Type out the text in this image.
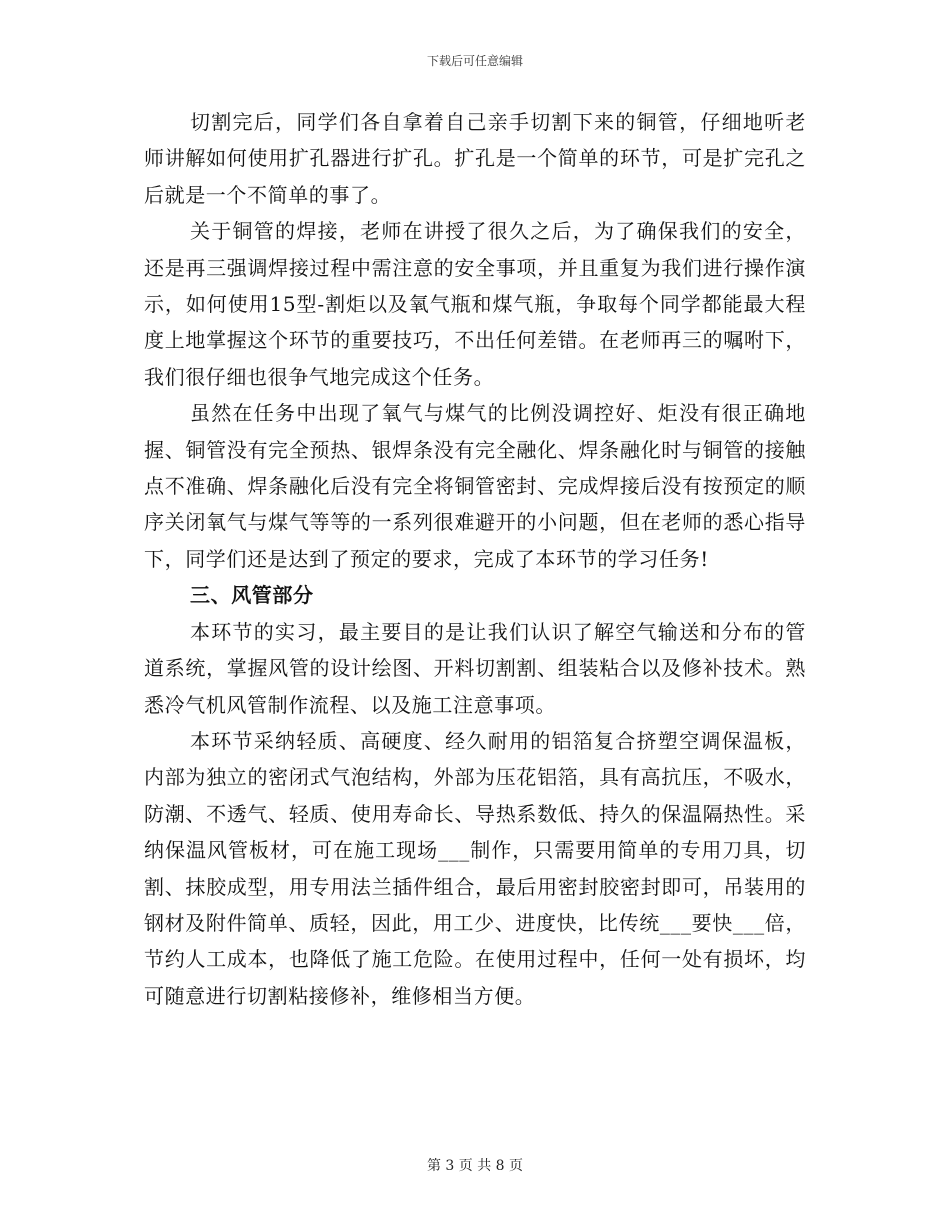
下载后可任意编辑

切割完后，同学们各自拿着自己亲手切割下来的铜管，仔细地听老师讲解如何使用扩孔器进行扩孔。扩孔是一个简单的环节，可是扩完孔之后就是一个不简单的事了。

关于铜管的焊接，老师在讲授了很久之后，为了确保我们的安全，还是再三强调焊接过程中需注意的安全事项，并且重复为我们进行操作演示，如何使用15型-割炬以及氧气瓶和煤气瓶，争取每个同学都能最大程度上地掌握这个环节的重要技巧，不出任何差错。在老师再三的嘱咐下，我们很仔细也很争气地完成这个任务。

虽然在任务中出现了氧气与煤气的比例没调控好、炬没有很正确地握、铜管没有完全预热、银焊条没有完全融化、焊条融化时与铜管的接触点不准确、焊条融化后没有完全将铜管密封、完成焊接后没有按预定的顺序关闭氧气与煤气等等的一系列很难避开的小问题，但在老师的悉心指导下，同学们还是达到了预定的要求，完成了本环节的学习任务!

三、风管部分

本环节的实习，最主要目的是让我们认识了解空气输送和分布的管道系统，掌握风管的设计绘图、开料切割割、组装粘合以及修补技术。熟悉冷气机风管制作流程、以及施工注意事项。

本环节采纳轻质、高硬度、经久耐用的铝箔复合挤塑空调保温板，内部为独立的密闭式气泡结构，外部为压花铝箔，具有高抗压，不吸水，防潮、不透气、轻质、使用寿命长、导热系数低、持久的保温隔热性。采纳保温风管板材，可在施工现场___制作，只需要用简单的专用刀具，切割、抹胶成型，用专用法兰插件组合，最后用密封胶密封即可，吊装用的钢材及附件简单、质轻，因此，用工少、进度快，比传统___要快___倍，节约人工成本，也降低了施工危险。在使用过程中，任何一处有损坏，均可随意进行切割粘接修补，维修相当方便。

第 3 页 共 8 页
